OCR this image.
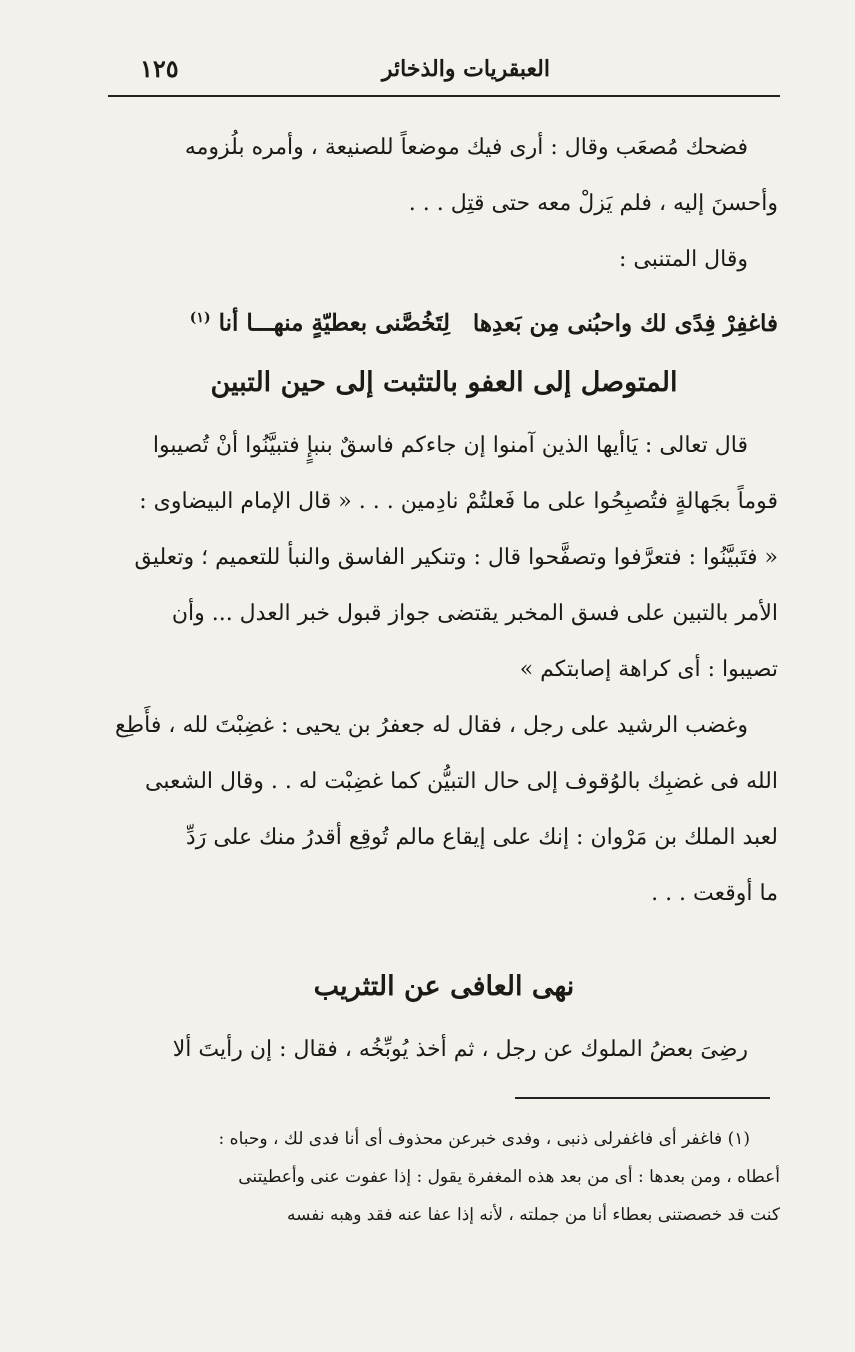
العبقريات والذخائر
١٢٥
فضحك مُصعَب وقال : أرى فيك موضعاً للصنيعة ، وأمره بلُزومه
وأحسنَ إليه ، فلم يَزلْ معه حتى قتِل . . .
وقال المتنبى :
فاغفِرْ فِدًى لك واحبُنى مِن بَعدِهالِتَخُصَّنى بعطيّةٍ منهـــا أنا $^{(١)}$
المتوصل إلى العفو بالتثبت إلى حين التبين
قال تعالى : يَاأيها الذين آمنوا إن جاءكم فاسقٌ بنبإٍ فتبيَّنُوا أنْ تُصيبوا
قوماً بجَهالةٍ فتُصبِحُوا على ما فَعلتُمْ نادِمين . . . « قال الإمام البيضاوى :
« فتَبيَّنُوا : فتعرَّفوا وتصفَّحوا قال : وتنكير الفاسق والنبأ للتعميم ؛ وتعليق
الأمر بالتبين على فسق المخبر يقتضى جواز قبول خبر العدل ... وأن
تصيبوا : أى كراهة إصابتكم »
وغضب الرشيد على رجل ، فقال له جعفرُ بن يحيى : غضِبْتَ لله ، فأَطِع
الله فى غضبِك بالوُقوف إلى حال التبيُّن كما غضِبْت له . . وقال الشعبى
لعبد الملك بن مَرْوان : إنك على إيقاع مالم تُوقِع أقدرُ منك على رَدِّ
ما أوقعت . . .
نهى العافى عن التثريب
رضِىَ بعضُ الملوك عن رجل ، ثم أخذ يُوبِّخُه ، فقال : إن رأيتَ ألا
(١) فاغفر أى فاغفرلى ذنبى ، وفدى خبرعن محذوف أى أنا فدى لك ، وحباه :
أعطاه ، ومن بعدها : أى من بعد هذه المغفرة يقول : إذا عفوت عنى وأعطيتنى
كنت قد خصصتنى بعطاء أنا من جملته ، لأنه إذا عفا عنه فقد وهبه نفسه
